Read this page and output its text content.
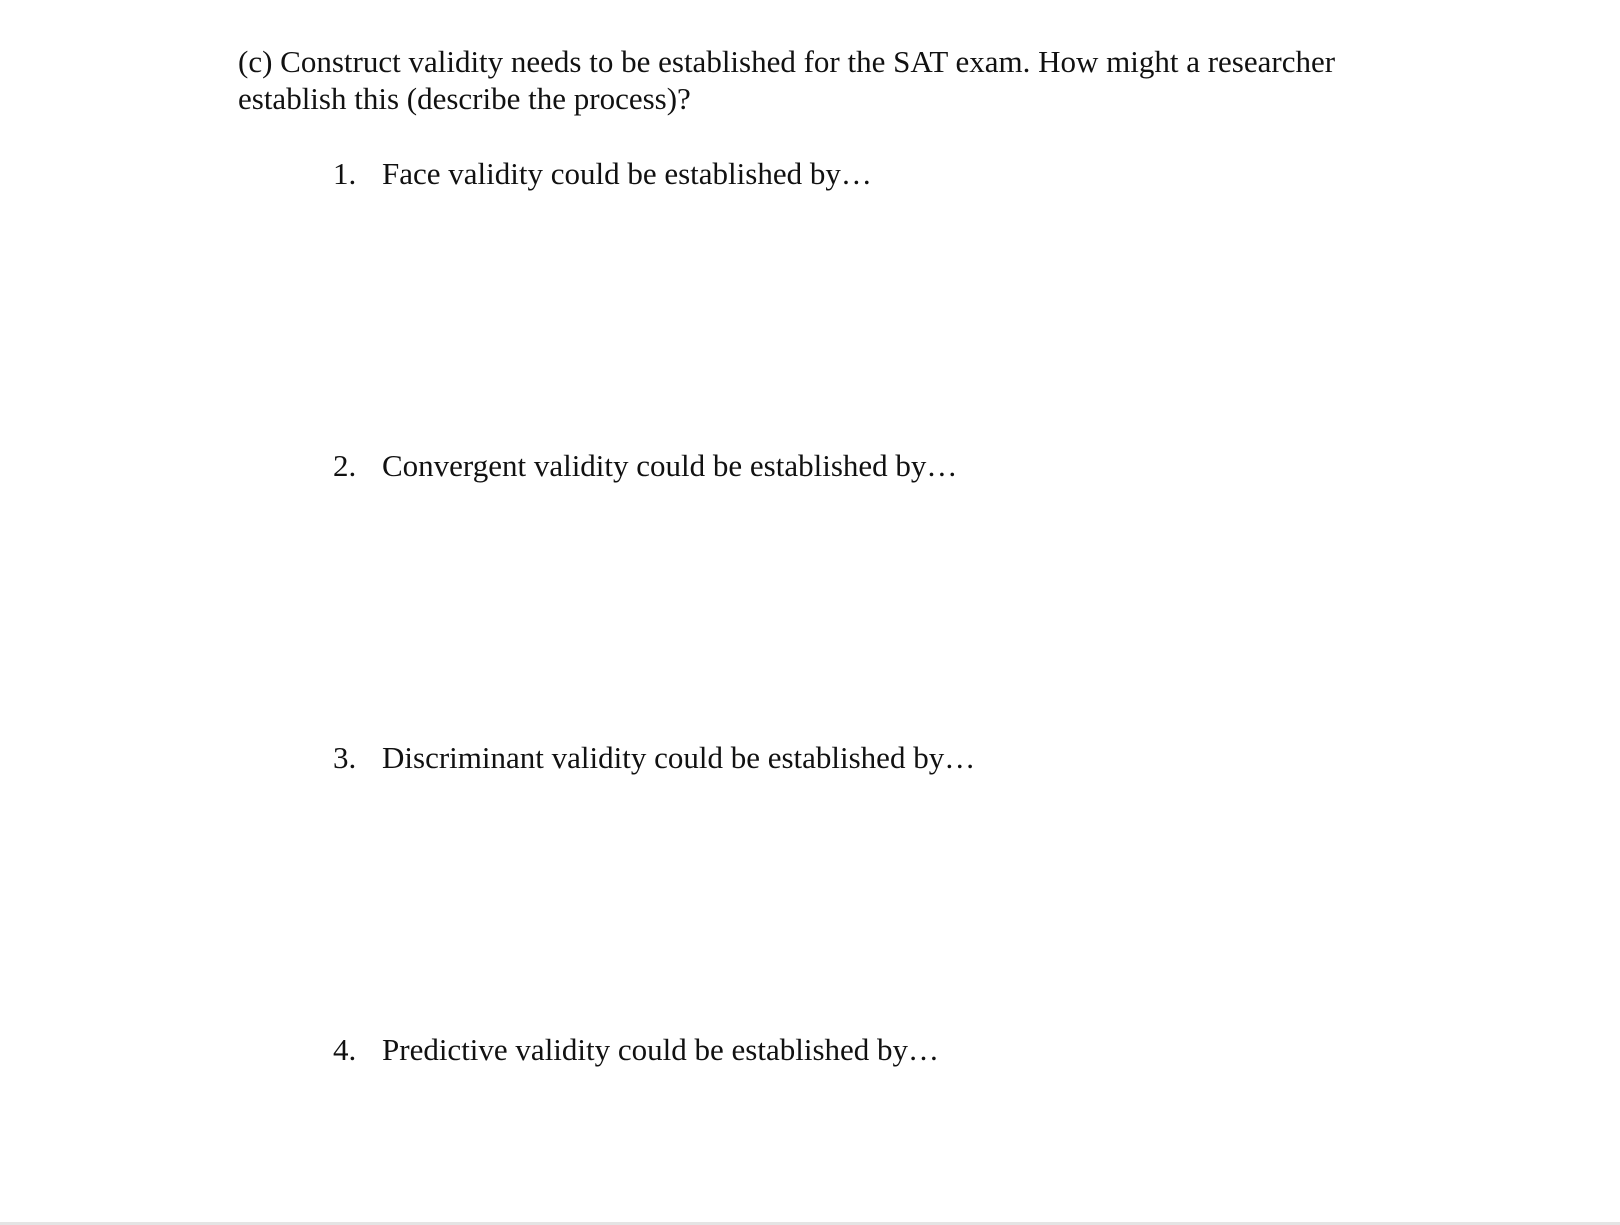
(c) Construct validity needs to be established for the SAT exam. How might a researcher establish this (describe the process)?

1. Face validity could be established by…

2. Convergent validity could be established by…

3. Discriminant validity could be established by…

4. Predictive validity could be established by…
